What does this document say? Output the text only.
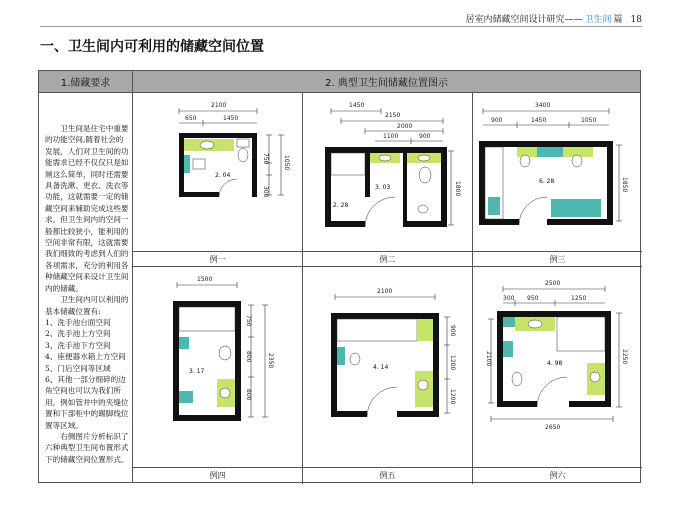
居室内储藏空间设计研究—— 卫生间 篇 18
一、卫生间内可利用的储藏空间位置
1.储藏要求	2. 典型卫生间储藏位置图示

卫生间是住宅中重要的功能空间,随着社会的发展，人们对卫生间的功能需求已经不仅仅只是如厕这么简单，同时还需要具备洗漱、更衣、洗衣等功能，这就需要一定的储藏空间来辅助完成这些要求。但卫生间内的空间一般都比较狭小，能利用的空间非常有限，这就需要我们细致的考虑到人们的各项需求，充分的利用各种储藏空间来设计卫生间内的储藏。

卫生间内可以利用的基本储藏位置有:

1、洗手池台面空间

2、洗手池上方空间

3、洗手池下方空间

4、座便器水箱上方空间5、门后空间等区域

6、其他一部分细碎的边角空间也可以为我们所用，例如管井中的夹缝位置和下部柜中的踢脚线位置等区域。

右侧图片分析标识了六种典型卫生间布置形式下的储藏空间位置形式。

2100
650	1450
750
300
1050
2. 04
例一
1450
2150
2000
1100	900
1800
2. 28
3. 03
例二
3400
900	1450	1050
1850
6. 28
例三
1500
750
800	2350
800
3. 17
例四
2100
900
1200
1200
4. 14
例五
2500
300 950	1250
2100	2250
2650
4. 98
例六
